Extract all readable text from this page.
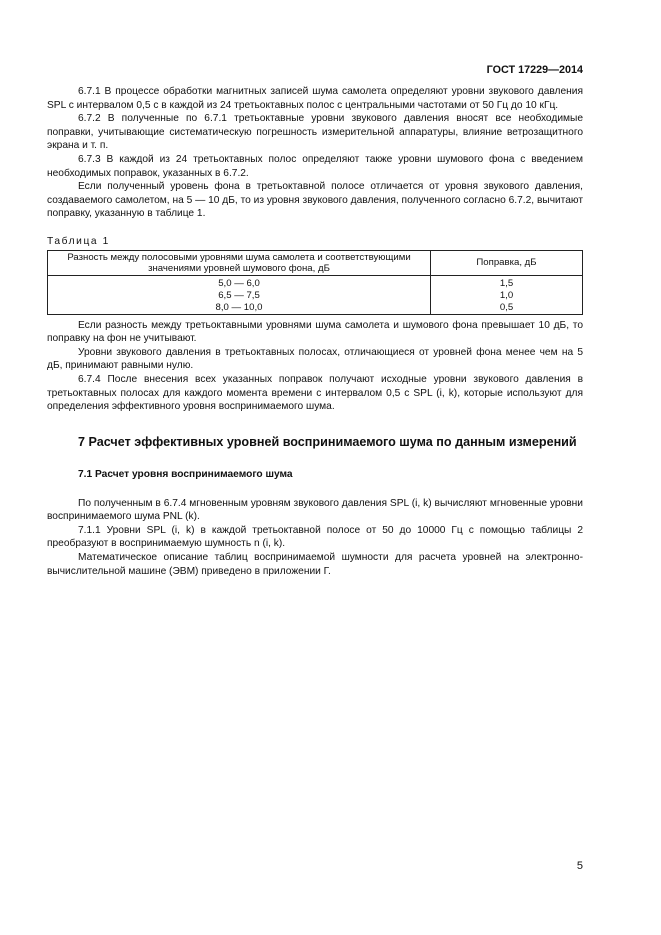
ГОСТ 17229—2014

6.7.1 В процессе обработки магнитных записей шума самолета определяют уровни звукового давления SPL с интервалом 0,5 с в каждой из 24 третьоктавных полос с центральными частотами от 50 Гц до 10 кГц.

6.7.2 В полученные по 6.7.1 третьоктавные уровни звукового давления вносят все необходимые поправки, учитывающие систематическую погрешность измерительной аппаратуры, влияние ветрозащитного экрана и т. п.

6.7.3 В каждой из 24 третьоктавных полос определяют также уровни шумового фона с введением необходимых поправок, указанных в 6.7.2.

Если полученный уровень фона в третьоктавной полосе отличается от уровня звукового давления, создаваемого самолетом, на 5 — 10 дБ, то из уровня звукового давления, полученного согласно 6.7.2, вычитают поправку, указанную в таблице 1.

Таблица 1

Разность между полосовыми уровнями шума самолета и соответствующими значениями уровней шумового фона, дБ	Поправка, дБ
5,0 — 6,0	1,5
6,5 — 7,5	1,0
8,0 — 10,0	0,5

Если разность между третьоктавными уровнями шума самолета и шумового фона превышает 10 дБ, то поправку на фон не учитывают.

Уровни звукового давления в третьоктавных полосах, отличающиеся от уровней фона менее чем на 5 дБ, принимают равными нулю.

6.7.4 После внесения всех указанных поправок получают исходные уровни звукового давления в третьоктавных полосах для каждого момента времени с интервалом 0,5 с SPL (i, k), которые используют для определения эффективного уровня воспринимаемого шума.

7 Расчет эффективных уровней воспринимаемого шума по данным измерений
7.1 Расчет уровня воспринимаемого шума

По полученным в 6.7.4 мгновенным уровням звукового давления SPL (i, k) вычисляют мгновенные уровни воспринимаемого шума PNL (k).

7.1.1 Уровни SPL (i, k) в каждой третьоктавной полосе от 50 до 10000 Гц с помощью таблицы 2 преобразуют в воспринимаемую шумность n (i, k).

Математическое описание таблиц воспринимаемой шумности для расчета уровней на электронно-вычислительной машине (ЭВМ) приведено в приложении Г.

5
